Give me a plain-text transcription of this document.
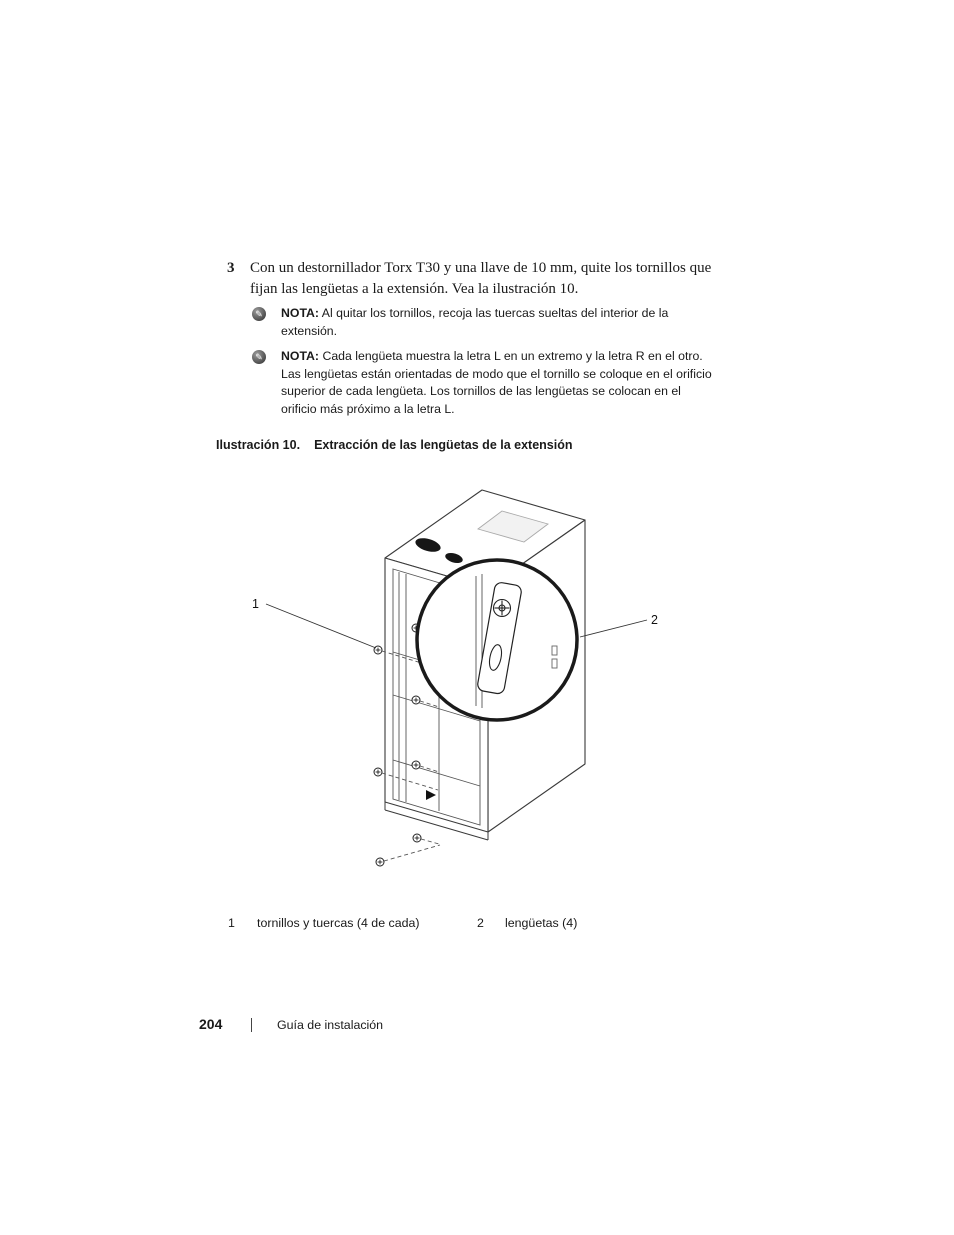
3 Con un destornillador Torx T30 y una llave de 10 mm, quite los tornillos que fijan las lengüetas a la extensión. Vea la ilustración 10.
✎ NOTA: Al quitar los tornillos, recoja las tuercas sueltas del interior de la extensión.
✎ NOTA: Cada lengüeta muestra la letra L en un extremo y la letra R en el otro. Las lengüetas están orientadas de modo que el tornillo se coloque en el orificio superior de cada lengüeta. Los tornillos de las lengüetas se colocan en el orificio más próximo a la letra L.
Ilustración 10. Extracción de las lengüetas de la extensión
1
2
1 tornillos y tuercas (4 de cada)	2 lengüetas (4)
204	Guía de instalación
